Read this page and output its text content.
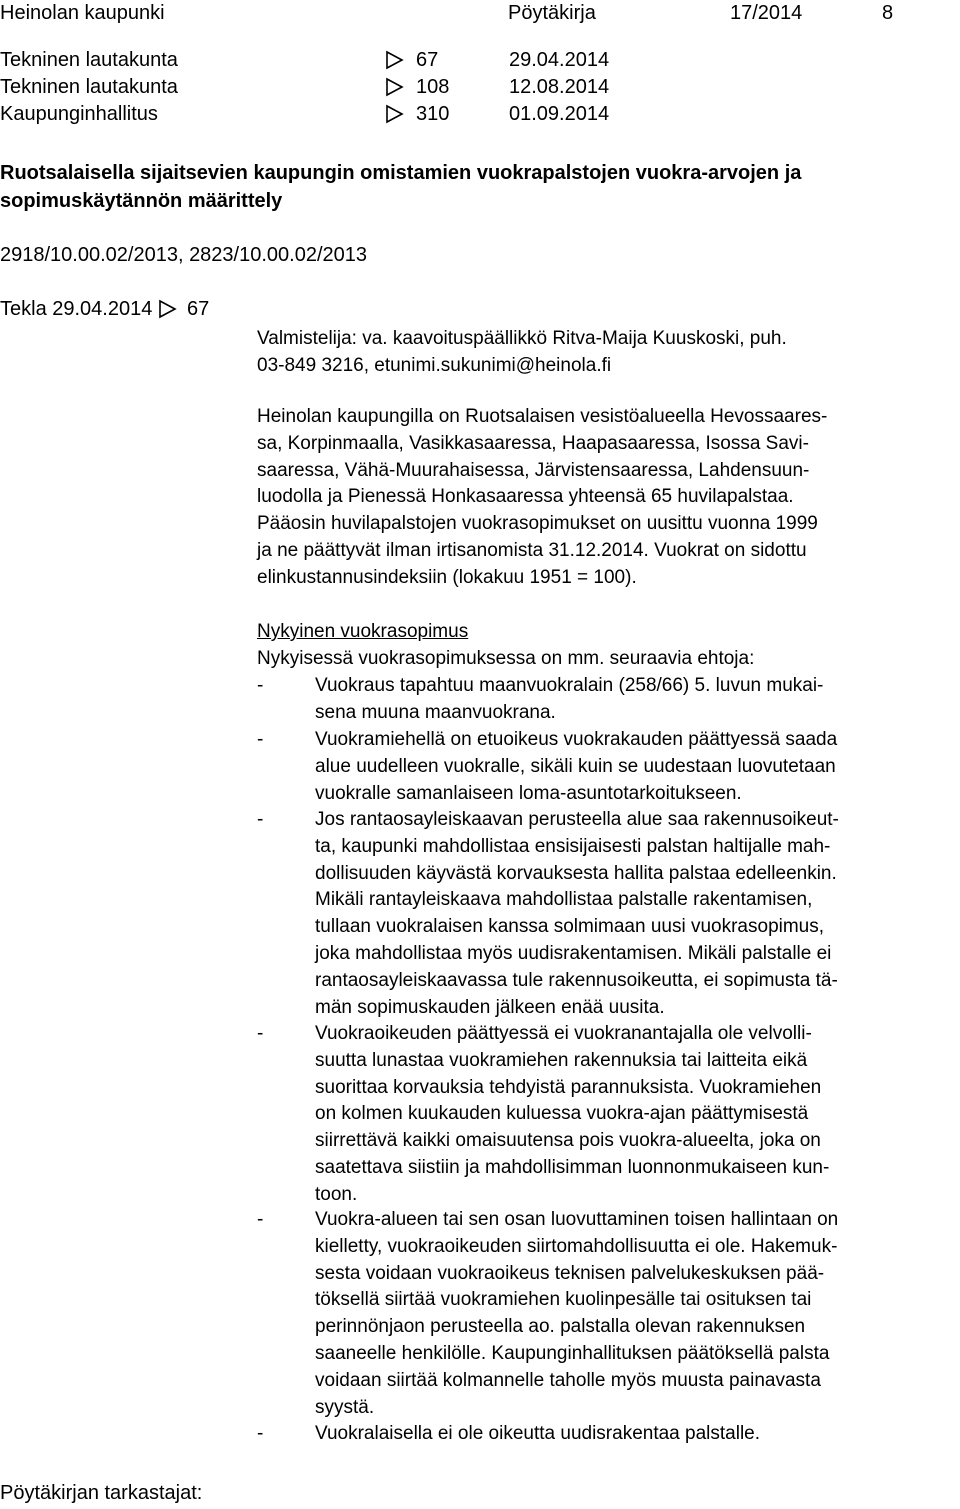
Heinolan kaupunki	Pöytäkirja	17/2014	8
Tekninen lautakunta	67	29.04.2014
Tekninen lautakunta	108	12.08.2014
Kaupunginhallitus	310	01.09.2014
Ruotsalaisella sijaitsevien kaupungin omistamien vuokrapalstojen vuokra-arvojen ja
sopimuskäytännön määrittely
2918/10.00.02/2013, 2823/10.00.02/2013
Tekla 29.04.2014 67
Valmistelija: va. kaavoituspäällikkö Ritva-Maija Kuuskoski, puh.
03-849 3216, etunimi.sukunimi@heinola.fi
Heinolan kaupungilla on Ruotsalaisen vesistöalueella Hevossaares-
sa, Korpinmaalla, Vasikkasaaressa, Haapasaaressa, Isossa Savi-
saaressa, Vähä-Muurahaisessa, Järvistensaaressa, Lahdensuun-
luodolla ja Pienessä Honkasaaressa yhteensä 65 huvilapalstaa.
Pääosin huvilapalstojen vuokrasopimukset on uusittu vuonna 1999
ja ne päättyvät ilman irtisanomista 31.12.2014. Vuokrat on sidottu
elinkustannusindeksiin (lokakuu 1951 = 100).
Nykyinen vuokrasopimus
Nykyisessä vuokrasopimuksessa on mm. seuraavia ehtoja:
-	Vuokraus tapahtuu maanvuokralain (258/66) 5. luvun mukai-
sena muuna maanvuokrana.
-	Vuokramiehellä on etuoikeus vuokrakauden päättyessä saada
alue uudelleen vuokralle, sikäli kuin se uudestaan luovutetaan
vuokralle samanlaiseen loma-asuntotarkoitukseen.
-	Jos rantaosayleiskaavan perusteella alue saa rakennusoikeut-
ta, kaupunki mahdollistaa ensisijaisesti palstan haltijalle mah-
dollisuuden käyvästä korvauksesta hallita palstaa edelleenkin.
Mikäli rantayleiskaava mahdollistaa palstalle rakentamisen,
tullaan vuokralaisen kanssa solmimaan uusi vuokrasopimus,
joka mahdollistaa myös uudisrakentamisen. Mikäli palstalle ei
rantaosayleiskaavassa tule rakennusoikeutta, ei sopimusta tä-
män sopimuskauden jälkeen enää uusita.
-	Vuokraoikeuden päättyessä ei vuokranantajalla ole velvolli-
suutta lunastaa vuokramiehen rakennuksia tai laitteita eikä
suorittaa korvauksia tehdyistä parannuksista. Vuokramiehen
on kolmen kuukauden kuluessa vuokra-ajan päättymisestä
siirrettävä kaikki omaisuutensa pois vuokra-alueelta, joka on
saatettava siistiin ja mahdollisimman luonnonmukaiseen kun-
toon.
-	Vuokra-alueen tai sen osan luovuttaminen toisen hallintaan on
kielletty, vuokraoikeuden siirtomahdollisuutta ei ole. Hakemuk-
sesta voidaan vuokraoikeus teknisen palvelukeskuksen pää-
töksellä siirtää vuokramiehen kuolinpesälle tai osituksen tai
perinnönjaon perusteella ao. palstalla olevan rakennuksen
saaneelle henkilölle. Kaupunginhallituksen päätöksellä palsta
voidaan siirtää kolmannelle taholle myös muusta painavasta
syystä.
-	Vuokralaisella ei ole oikeutta uudisrakentaa palstalle.
Pöytäkirjan tarkastajat:
